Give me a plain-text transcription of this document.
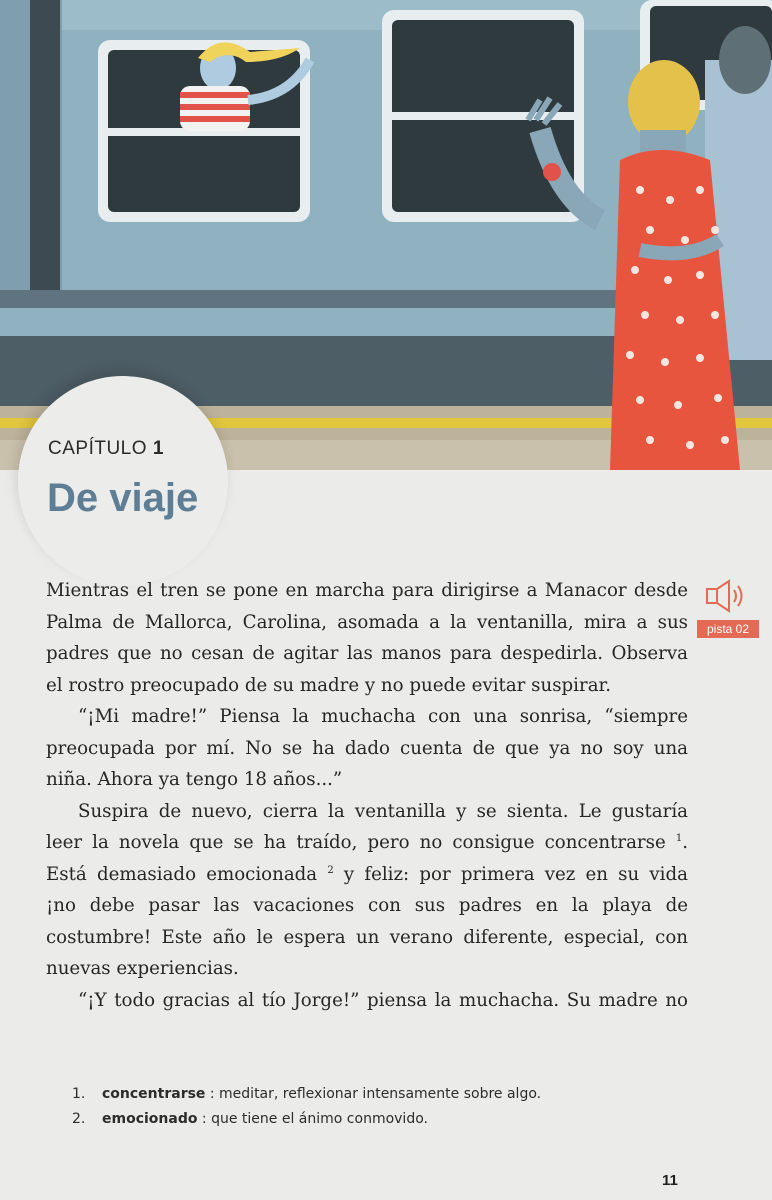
CAPÍTULO 1
De viaje
pista 02
Mientras el tren se pone en marcha para dirigirse a Manacor desde
Palma de Mallorca, Carolina, asomada a la ventanilla, mira a sus
padres que no cesan de agitar las manos para despedirla. Observa
el rostro preocupado de su madre y no puede evitar suspirar.
“¡Mi madre!” Piensa la muchacha con una sonrisa, “siempre
preocupada por mí. No se ha dado cuenta de que ya no soy una
niña. Ahora ya tengo 18 años...”
Suspira de nuevo, cierra la ventanilla y se sienta. Le gustaría
leer la novela que se ha traído, pero no consigue concentrarse $^1$.
Está demasiado emocionada $^2$ y feliz: por primera vez en su vida
¡no debe pasar las vacaciones con sus padres en la playa de
costumbre! Este año le espera un verano diferente, especial, con
nuevas experiencias.
“¡Y todo gracias al tío Jorge!” piensa la muchacha. Su madre no
1. concentrarse : meditar, reflexionar intensamente sobre algo.
2. emocionado : que tiene el ánimo conmovido.
11
